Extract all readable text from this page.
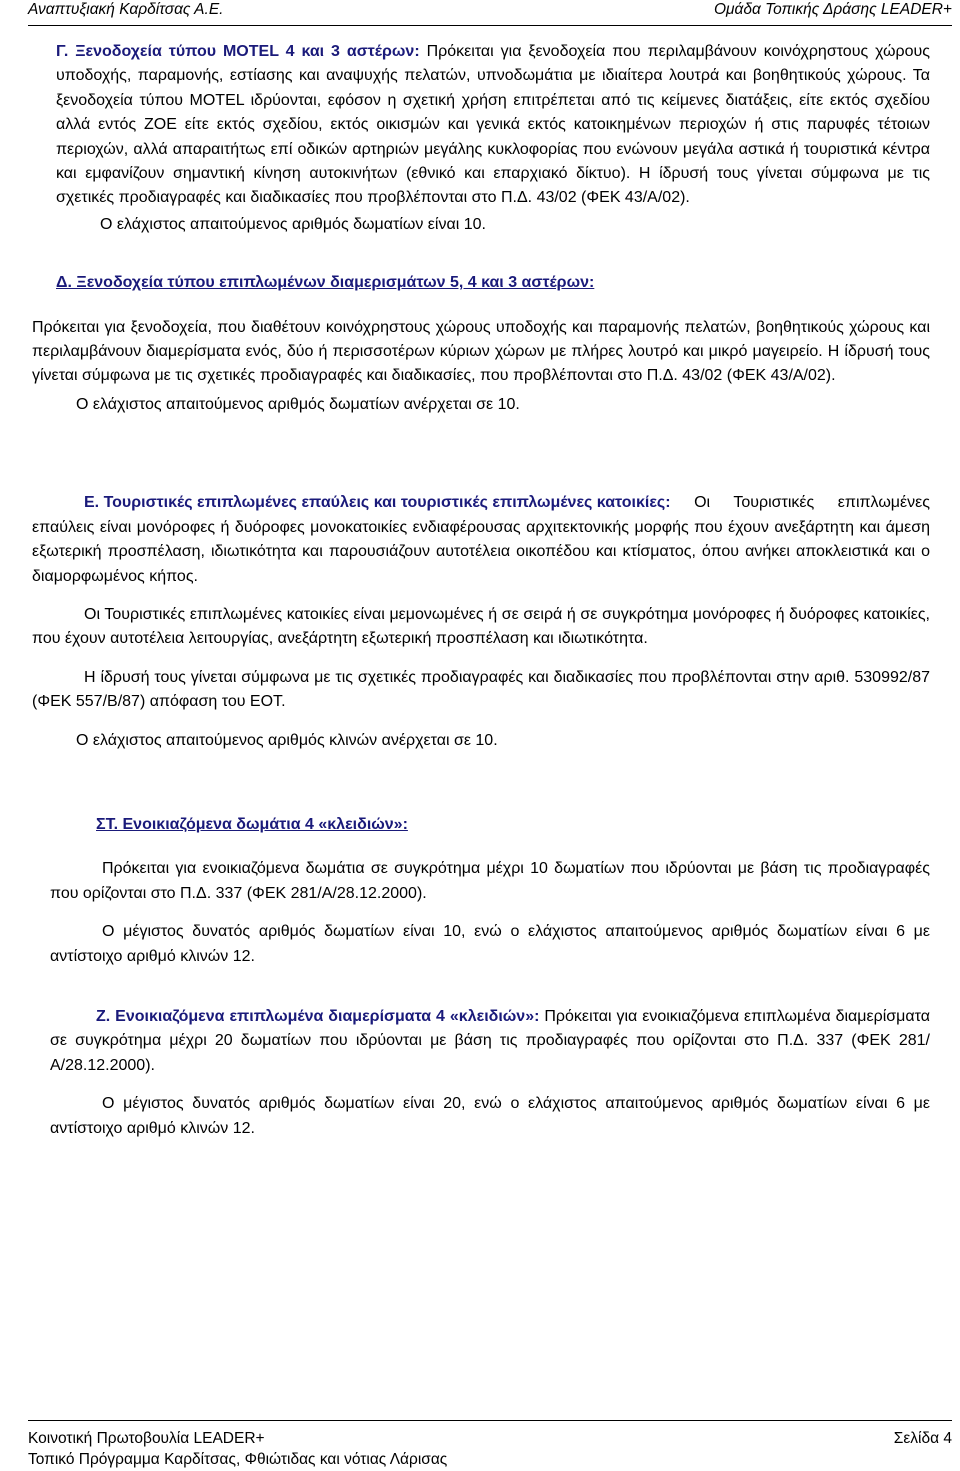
Αναπτυξιακή Καρδίτσας Α.Ε.	Ομάδα Τοπικής Δράσης LEADER+

Γ. Ξενοδοχεία τύπου MOTEL 4 και 3 αστέρων: Πρόκειται για ξενοδοχεία που περιλαμβάνουν κοινόχρηστους χώρους υποδοχής, παραμονής, εστίασης και αναψυχής πελατών, υπνοδωμάτια με ιδιαίτερα λουτρά και βοηθητικούς χώρους. Τα ξενοδοχεία τύπου MOTEL ιδρύονται, εφόσον η σχετική χρήση επιτρέπεται από τις κείμενες διατάξεις, είτε εκτός σχεδίου αλλά εντός ΖΟΕ είτε εκτός σχεδίου, εκτός οικισμών και γενικά εκτός κατοικημένων περιοχών ή στις παρυφές τέτοιων περιοχών, αλλά απαραιτήτως επί οδικών αρτηριών μεγάλης κυκλοφορίας που ενώνουν μεγάλα αστικά ή τουριστικά κέντρα και εμφανίζουν σημαντική κίνηση αυτοκινήτων (εθνικό και επαρχιακό δίκτυο). Η ίδρυσή τους γίνεται σύμφωνα με τις σχετικές προδιαγραφές και διαδικασίες που προβλέπονται στο Π.Δ. 43/02 (ΦΕΚ 43/Α/02).

Ο ελάχιστος απαιτούμενος αριθμός δωματίων είναι 10.

Δ. Ξενοδοχεία τύπου επιπλωμένων διαμερισμάτων 5, 4 και 3 αστέρων:

Πρόκειται για ξενοδοχεία, που διαθέτουν κοινόχρηστους χώρους υποδοχής και παραμονής πελατών, βοηθητικούς χώρους και περιλαμβάνουν διαμερίσματα ενός, δύο ή περισσοτέρων κύριων χώρων με πλήρες λουτρό και μικρό μαγειρείο. Η ίδρυσή τους γίνεται σύμφωνα με τις σχετικές προδιαγραφές και διαδικασίες, που προβλέπονται στο Π.Δ. 43/02 (ΦΕΚ 43/Α/02).

Ο ελάχιστος απαιτούμενος αριθμός δωματίων ανέρχεται σε 10.

Ε. Τουριστικές επιπλωμένες επαύλεις και τουριστικές επιπλωμένες κατοικίες: Οι Τουριστικές επιπλωμένες επαύλεις είναι μονόροφες ή δυόροφες μονοκατοικίες ενδιαφέρουσας αρχιτεκτονικής μορφής που έχουν ανεξάρτητη και άμεση εξωτερική προσπέλαση, ιδιωτικότητα και παρουσιάζουν αυτοτέλεια οικοπέδου και κτίσματος, όπου ανήκει αποκλειστικά και ο διαμορφωμένος κήπος.

Οι Τουριστικές επιπλωμένες κατοικίες είναι μεμονωμένες ή σε σειρά ή σε συγκρότημα μονόροφες ή δυόροφες κατοικίες, που έχουν αυτοτέλεια λειτουργίας, ανεξάρτητη εξωτερική προσπέλαση και ιδιωτικότητα.

Η ίδρυσή τους γίνεται σύμφωνα με τις σχετικές προδιαγραφές και διαδικασίες που προβλέπονται στην αριθ. 530992/87 (ΦΕΚ 557/Β/87) απόφαση του ΕΟΤ.

Ο ελάχιστος απαιτούμενος αριθμός κλινών ανέρχεται σε 10.

ΣΤ. Ενοικιαζόμενα δωμάτια 4 «κλειδιών»:

Πρόκειται για ενοικιαζόμενα δωμάτια σε συγκρότημα μέχρι 10 δωματίων που ιδρύονται με βάση τις προδιαγραφές που ορίζονται στο Π.Δ. 337 (ΦΕΚ 281/Α/28.12.2000).

Ο μέγιστος δυνατός αριθμός δωματίων είναι 10, ενώ ο ελάχιστος απαιτούμενος αριθμός δωματίων είναι 6 με αντίστοιχο αριθμό κλινών 12.

Ζ. Ενοικιαζόμενα επιπλωμένα διαμερίσματα 4 «κλειδιών»: Πρόκειται για ενοικιαζόμενα επιπλωμένα διαμερίσματα σε συγκρότημα μέχρι 20 δωματίων που ιδρύονται με βάση τις προδιαγραφές που ορίζονται στο Π.Δ. 337 (ΦΕΚ 281/Α/28.12.2000).

Ο μέγιστος δυνατός αριθμός δωματίων είναι 20, ενώ ο ελάχιστος απαιτούμενος αριθμός δωματίων είναι 6 με αντίστοιχο αριθμό κλινών 12.

Κοινοτική Πρωτοβουλία LEADER+	Σελίδα 4
Τοπικό Πρόγραμμα Καρδίτσας, Φθιώτιδας και νότιας Λάρισας
